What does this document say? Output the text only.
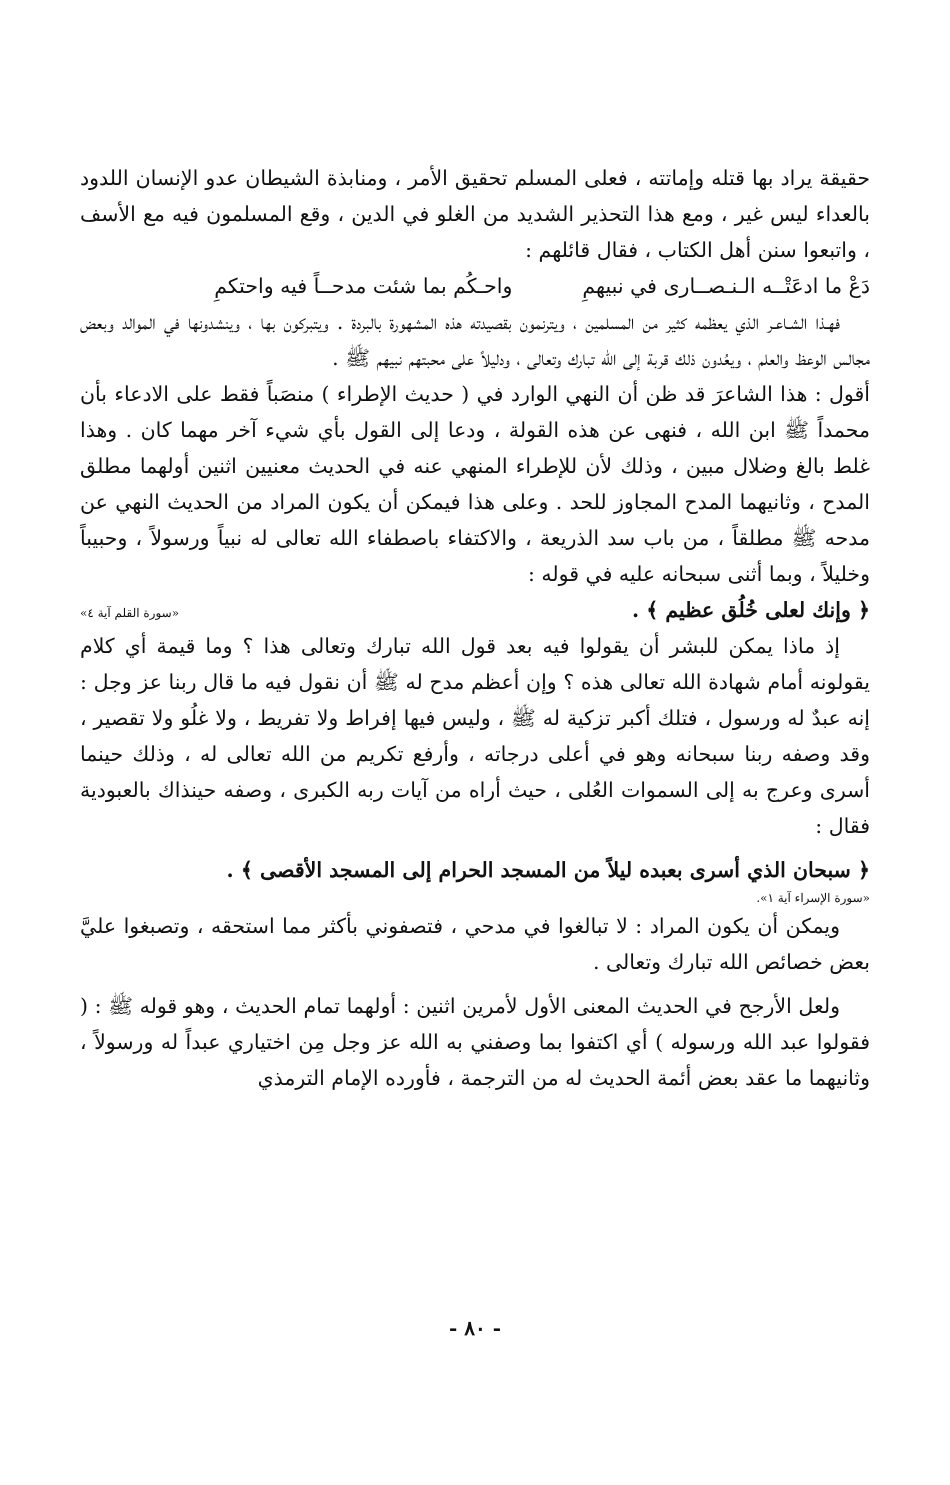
حقيقة يراد بها قتله وإماتته ، فعلى المسلم تحقيق الأمر ، ومنابذة الشيطان عدو الإنسان اللدود بالعداء ليس غير ، ومع هذا التحذير الشديد من الغلو في الدين ، وقع المسلمون فيه مع الأسف ، واتبعوا سنن أهل الكتاب ، فقال قائلهم :

دَعْ ما ادعَتْــه الـنـصــارى في نبيهمِ
واحـكُم بما شئت مدحــاً فيه واحتكمِ

فهـذا الشـاعـر الذي يعظمه كثير من المسلمين ، ويترنمون بقصيدته هذه المشهورة بالبردة . ويتبركون بها ، وينشدونها في الموالد وبعض مجالس الوعظ والعلم ، ويعُدون ذلك قربة إلى الله تبارك وتعالى ، ودليلاً على محبتهم نبيهم ﷺ .

أقول : هذا الشاعرَ قد ظن أن النهي الوارد في ( حديث الإطراء ) منصَباً فقط على الادعاء بأن محمداً ﷺ ابن الله ، فنهى عن هذه القولة ، ودعا إلى القول بأي شيء آخر مهما كان . وهذا غلط بالغ وضلال مبين ، وذلك لأن للإطراء المنهي عنه في الحديث معنيين اثنين أولهما مطلق المدح ، وثانيهما المدح المجاوز للحد . وعلى هذا فيمكن أن يكون المراد من الحديث النهي عن مدحه ﷺ مطلقاً ، من باب سد الذريعة ، والاكتفاء باصطفاء الله تعالى له نبياً ورسولاً ، وحبيباً وخليلاً ، وبما أثنى سبحانه عليه في قوله :

﴿ وإنك لعلى خُلُق عظيم ﴾ .
«سورة القلم آية ٤»

إذ ماذا يمكن للبشر أن يقولوا فيه بعد قول الله تبارك وتعالى هذا ؟ وما قيمة أي كلام يقولونه أمام شهادة الله تعالى هذه ؟ وإن أعظم مدح له ﷺ أن نقول فيه ما قال ربنا عز وجل : إنه عبدٌ له ورسول ، فتلك أكبر تزكية له ﷺ ، وليس فيها إفراط ولا تفريط ، ولا غلُو ولا تقصير ، وقد وصفه ربنا سبحانه وهو في أعلى درجاته ، وأرفع تكريم من الله تعالى له ، وذلك حينما أسرى وعرج به إلى السموات العُلى ، حيث أراه من آيات ربه الكبرى ، وصفه حينذاك بالعبودية فقال :

﴿ سبحان الذي أسرى بعبده ليلاً من المسجد الحرام إلى المسجد الأقصى ﴾ .

«سورة الإسراء آية ١».

ويمكن أن يكون المراد : لا تبالغوا في مدحي ، فتصفوني بأكثر مما استحقه ، وتصبغوا عليَّ بعض خصائص الله تبارك وتعالى .

ولعل الأرجح في الحديث المعنى الأول لأمرين اثنين : أولهما تمام الحديث ، وهو قوله ﷺ : ( فقولوا عبد الله ورسوله ) أي اكتفوا بما وصفني به الله عز وجل مِن اختياري عبداً له ورسولاً ، وثانيهما ما عقد بعض أئمة الحديث له من الترجمة ، فأورده الإمام الترمذي

- ٨٠ -
